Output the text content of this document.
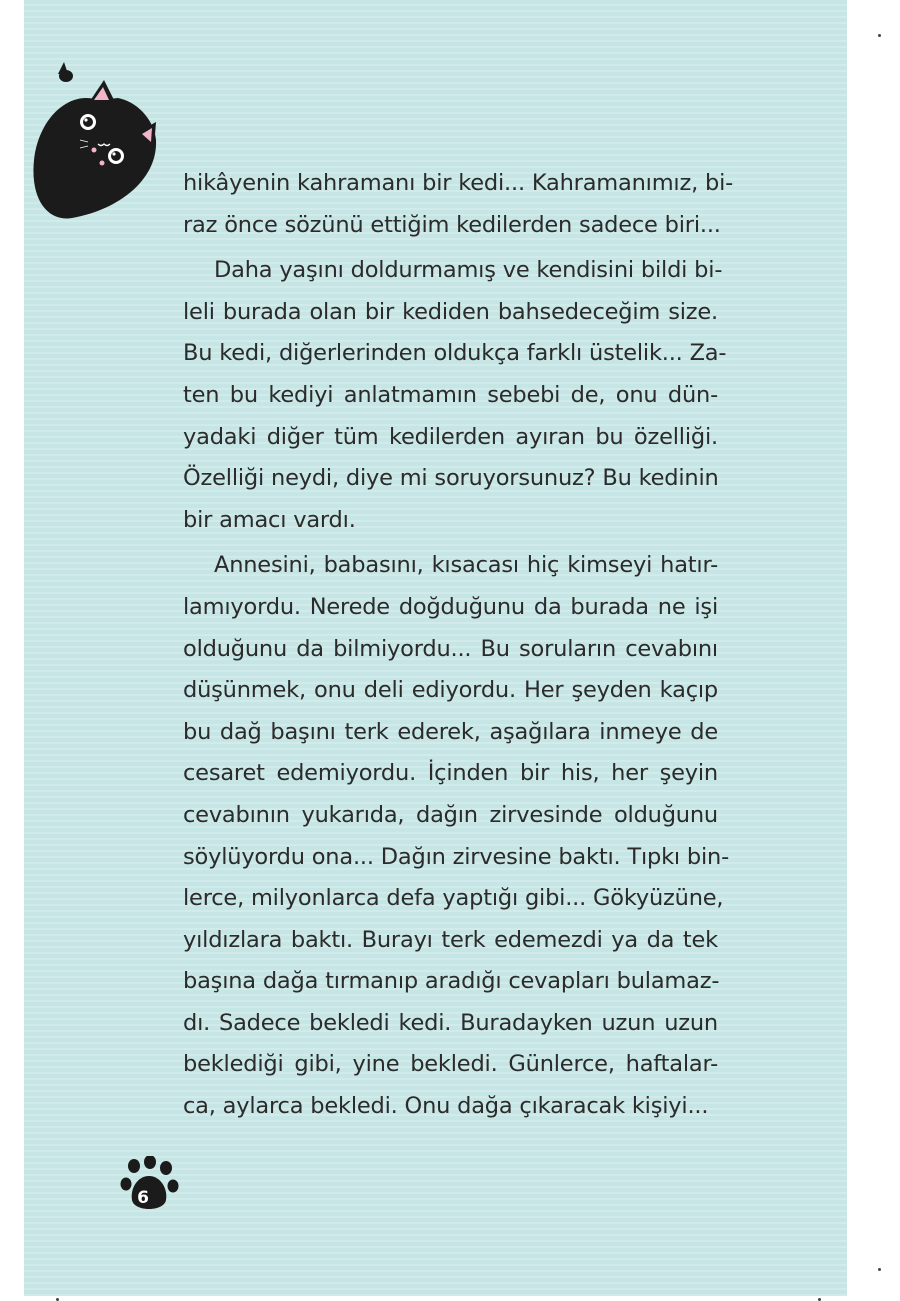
hikâyenin kahramanı bir kedi... Kahramanımız, bi-
raz önce sözünü ettiğim kedilerden sadece biri...

Daha yaşını doldurmamış ve kendisini bildi bi-
leli burada olan bir kediden bahsedeceğim size.
Bu kedi, diğerlerinden oldukça farklı üstelik... Za-
ten bu kediyi anlatmamın sebebi de, onu dün-
yadaki diğer tüm kedilerden ayıran bu özelliği.
Özelliği neydi, diye mi soruyorsunuz? Bu kedinin
bir amacı vardı.

Annesini, babasını, kısacası hiç kimseyi hatır-
lamıyordu. Nerede doğduğunu da burada ne işi
olduğunu da bilmiyordu... Bu soruların cevabını
düşünmek, onu deli ediyordu. Her şeyden kaçıp
bu dağ başını terk ederek, aşağılara inmeye de
cesaret edemiyordu. İçinden bir his, her şeyin
cevabının yukarıda, dağın zirvesinde olduğunu
söylüyordu ona... Dağın zirvesine baktı. Tıpkı bin-
lerce, milyonlarca defa yaptığı gibi... Gökyüzüne,
yıldızlara baktı. Burayı terk edemezdi ya da tek
başına dağa tırmanıp aradığı cevapları bulamaz-
dı. Sadece bekledi kedi. Buradayken uzun uzun
beklediği gibi, yine bekledi. Günlerce, haftalar-
ca, aylarca bekledi. Onu dağa çıkaracak kişiyi...

6
